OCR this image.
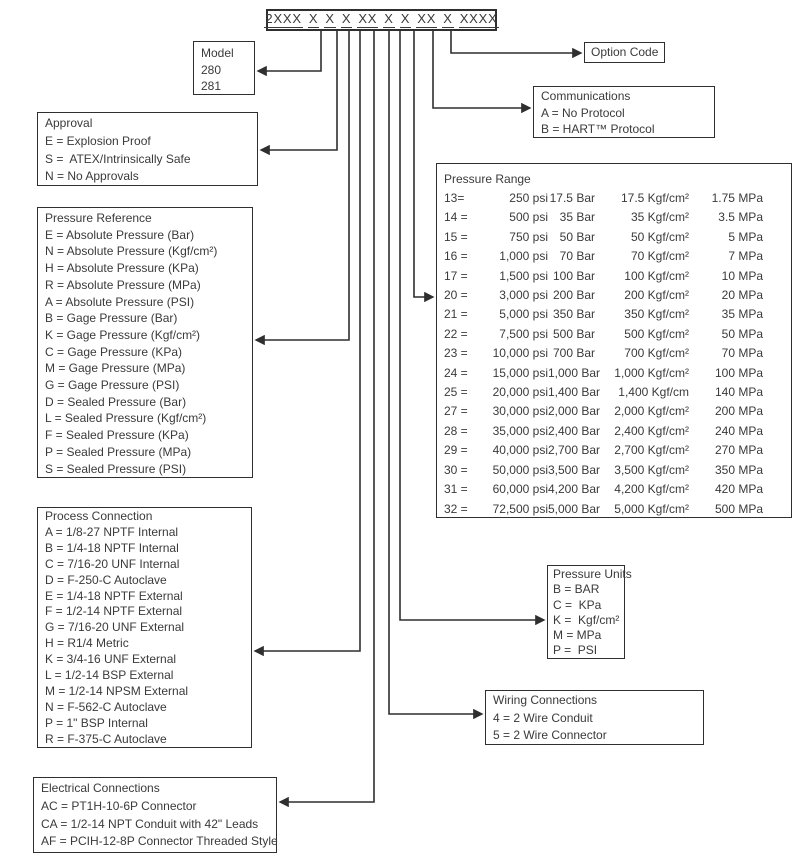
2XXX X X X XX X X XX X XXXX
Model
280
281
Option Code
Communications
A = No Protocol
B = HART™ Protocol
Approval
E = Explosion Proof
S =  ATEX/Intrinsically Safe
N = No Approvals
Pressure Reference
E = Absolute Pressure (Bar)
N = Absolute Pressure (Kgf/cm²)
H = Absolute Pressure (KPa)
R = Absolute Pressure (MPa)
A = Absolute Pressure (PSI)
B = Gage Pressure (Bar)
K = Gage Pressure (Kgf/cm²)
C = Gage Pressure (KPa)
M = Gage Pressure (MPa)
G = Gage Pressure (PSI)
D = Sealed Pressure (Bar)
L = Sealed Pressure (Kgf/cm²)
F = Sealed Pressure (KPa)
P = Sealed Pressure (MPa)
S = Sealed Pressure (PSI)
Pressure Range
13=	250 psi 17.5 Bar	17.5 Kgf/cm²	1.75 MPa
14 =	500 psi 35 Bar	35 Kgf/cm²	3.5 MPa
15 =	750 psi 50 Bar	50 Kgf/cm²	5 MPa
16 =	1,000 psi 70 Bar	70 Kgf/cm²	7 MPa
17 =	1,500 psi 100 Bar	100 Kgf/cm²	10 MPa
20 =	3,000 psi 200 Bar	200 Kgf/cm²	20 MPa
21 =	5,000 psi 350 Bar	350 Kgf/cm²	35 MPa
22 =	7,500 psi 500 Bar	500 Kgf/cm²	50 MPa
23 =	10,000 psi 700 Bar	700 Kgf/cm²	70 MPa
24 =	15,000 psi 1,000 Bar	1,000 Kgf/cm²	100 MPa
25 =	20,000 psi 1,400 Bar	1,400 Kgf/cm	140 MPa
27 =	30,000 psi 2,000 Bar	2,000 Kgf/cm²	200 MPa
28 =	35,000 psi 2,400 Bar	2,400 Kgf/cm²	240 MPa
29 =	40,000 psi 2,700 Bar	2,700 Kgf/cm²	270 MPa
30 =	50,000 psi 3,500 Bar	3,500 Kgf/cm²	350 MPa
31 =	60,000 psi 4,200 Bar	4,200 Kgf/cm²	420 MPa
32 =	72,500 psi 5,000 Bar	5,000 Kgf/cm²	500 MPa
Process Connection
A = 1/8-27 NPTF Internal
B = 1/4-18 NPTF Internal
C = 7/16-20 UNF Internal
D = F-250-C Autoclave
E = 1/4-18 NPTF External
F = 1/2-14 NPTF External
G = 7/16-20 UNF External
H = R1/4 Metric
K = 3/4-16 UNF External
L = 1/2-14 BSP External
M = 1/2-14 NPSM External
N = F-562-C Autoclave
P = 1" BSP Internal
R = F-375-C Autoclave
Pressure Units
B = BAR
C =  KPa
K =  Kgf/cm²
M = MPa
P =  PSI
Wiring Connections
4 = 2 Wire Conduit
5 = 2 Wire Connector
Electrical Connections
AC = PT1H-10-6P Connector
CA = 1/2-14 NPT Conduit with 42" Leads
AF = PCIH-12-8P Connector Threaded Style
